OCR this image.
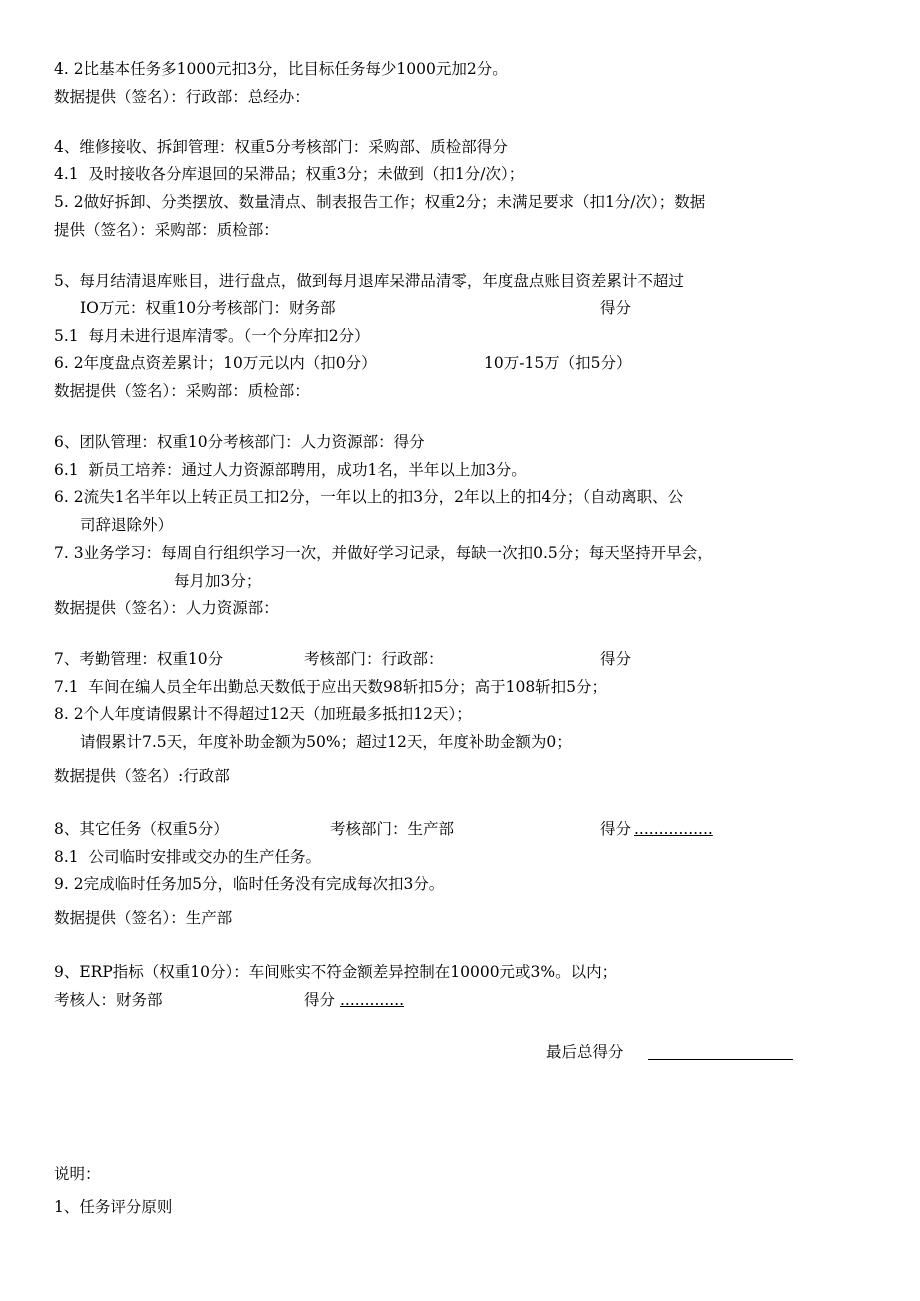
4. 2比基本任务多1000元扣3分，比目标任务每少1000元加2分。
数据提供（签名）：行政部：总经办：
4、维修接收、拆卸管理：权重5分考核部门：采购部、质检部得分
4.1  及时接收各分库退回的呆滞品；权重3分；未做到（扣1分/次）；
5. 2做好拆卸、分类摆放、数量清点、制表报告工作；权重2分；未满足要求（扣1分/次）；数据
提供（签名）：采购部：质检部：
5、每月结清退库账目，进行盘点，做到每月退库呆滞品清零，年度盘点账目资差累计不超过
IO万元：权重10分考核部门：财务部	得分
5.1  每月未进行退库清零。（一个分库扣2分）
6. 2年度盘点资差累计；10万元以内（扣0分）	10万-15万（扣5分）
数据提供（签名）：采购部：质检部：
6、团队管理：权重10分考核部门：人力资源部：得分
6.1  新员工培养：通过人力资源部聘用，成功1名，半年以上加3分。
6. 2流失1名半年以上转正员工扣2分，一年以上的扣3分，2年以上的扣4分；（自动离职、公
司辞退除外）
7. 3业务学习：每周自行组织学习一次，并做好学习记录，每缺一次扣0.5分；每天坚持开早会，
每月加3分；
数据提供（签名）：人力资源部：
7、考勤管理：权重10分	考核部门：行政部：	得分
7.1  车间在编人员全年出勤总天数低于应出天数98斩扣5分；高于108斩扣5分；
8. 2个人年度请假累计不得超过12天（加班最多抵扣12天）；
请假累计7.5天，年度补助金额为50%；超过12天，年度补助金额为0；
数据提供（签名）:行政部
8、其它任务（权重5分）	考核部门：生产部	得分 ................
8.1  公司临时安排或交办的生产任务。
9. 2完成临时任务加5分，临时任务没有完成每次扣3分。
数据提供（签名）：生产部
9、ERP指标（权重10分）：车间账实不符金额差异控制在10000元或3%。以内；
考核人：财务部	得分 .............
最后总得分
说明：
1、任务评分原则
